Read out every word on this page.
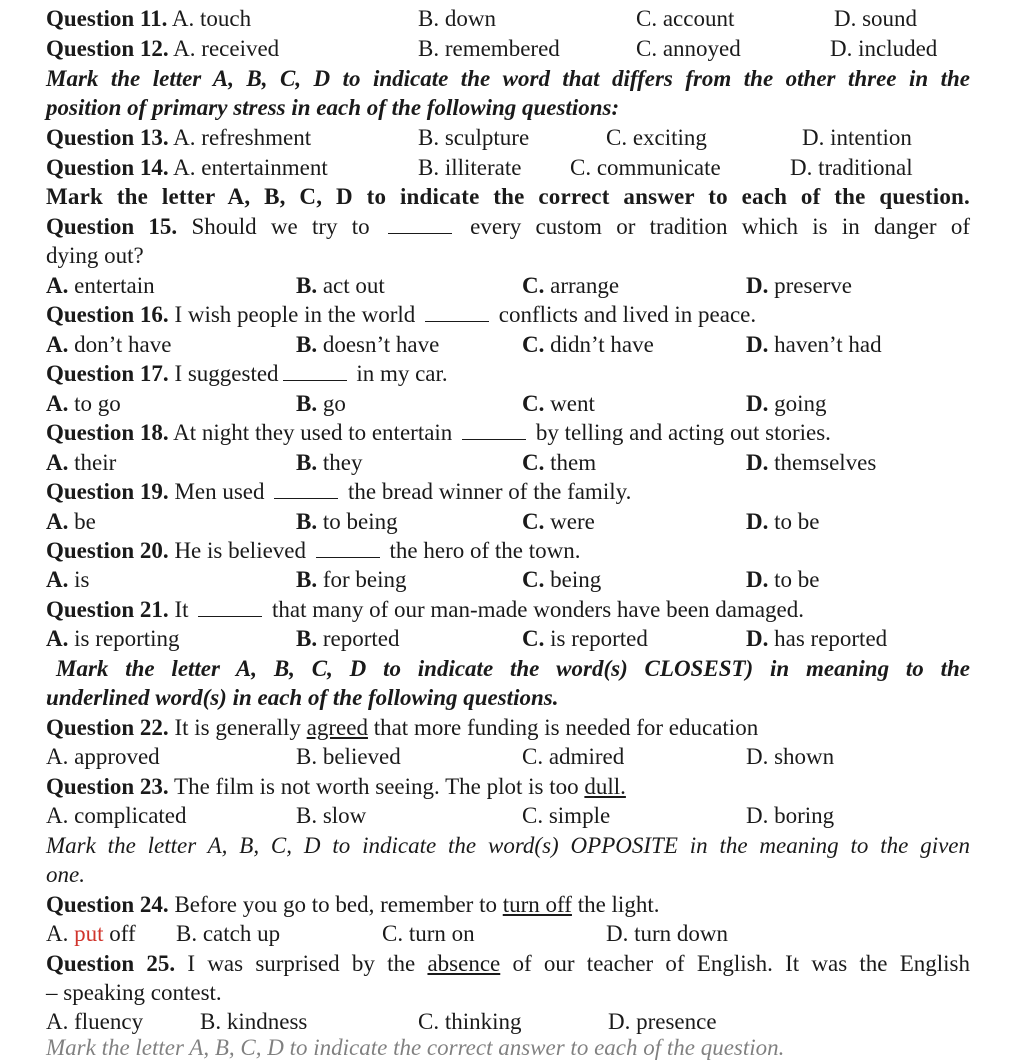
Question 11. A. touch	B. down	C. account	D. sound
Question 12. A. received	B. remembered	C. annoyed	D. included
Mark the letter A, B, C, D to indicate the word that differs from the other three in the
position of primary stress in each of the following questions:
Question 13. A. refreshment	B. sculpture	C. exciting	D. intention
Question 14. A. entertainment	B. illiterate C. communicate	D. traditional
Mark the letter A, B, C, D to indicate the correct answer to each of the question.
Question 15. Should we try to	every custom or tradition which is in danger of
dying out?
A. entertain	B. act out	C. arrange	D. preserve
Question 16. I wish people in the world	conflicts and lived in peace.
A. don’t have	B. doesn’t have	C. didn’t have	D. haven’t had
Question 17. I suggested	in my car.
A. to go	B. go	C. went	D. going
Question 18. At night they used to entertain	by telling and acting out stories.
A. their	B. they	C. them	D. themselves
Question 19. Men used	the bread winner of the family.
A. be	B. to being	C. were	D. to be
Question 20. He is believed	the hero of the town.
A. is	B. for being	C. being	D. to be
Question 21. It	that many of our man-made wonders have been damaged.
A. is reporting	B. reported	C. is reported	D. has reported
Mark the letter A, B, C, D to indicate the word(s) CLOSEST) in meaning to the
underlined word(s) in each of the following questions.
Question 22. It is generally agreed that more funding is needed for education
A. approved	B. believed	C. admired	D. shown
Question 23. The film is not worth seeing. The plot is too dull.
A. complicated	B. slow	C. simple	D. boring
Mark the letter A, B, C, D to indicate the word(s) OPPOSITE in the meaning to the given
one.
Question 24. Before you go to bed, remember to turn off the light.
A. put off B. catch up	C. turn on	D. turn down
Question 25. I was surprised by the absence of our teacher of English. It was the English
– speaking contest.
A. fluency B. kindness	C. thinking	D. presence
Mark the letter A, B, C, D to indicate the correct answer to each of the question.
